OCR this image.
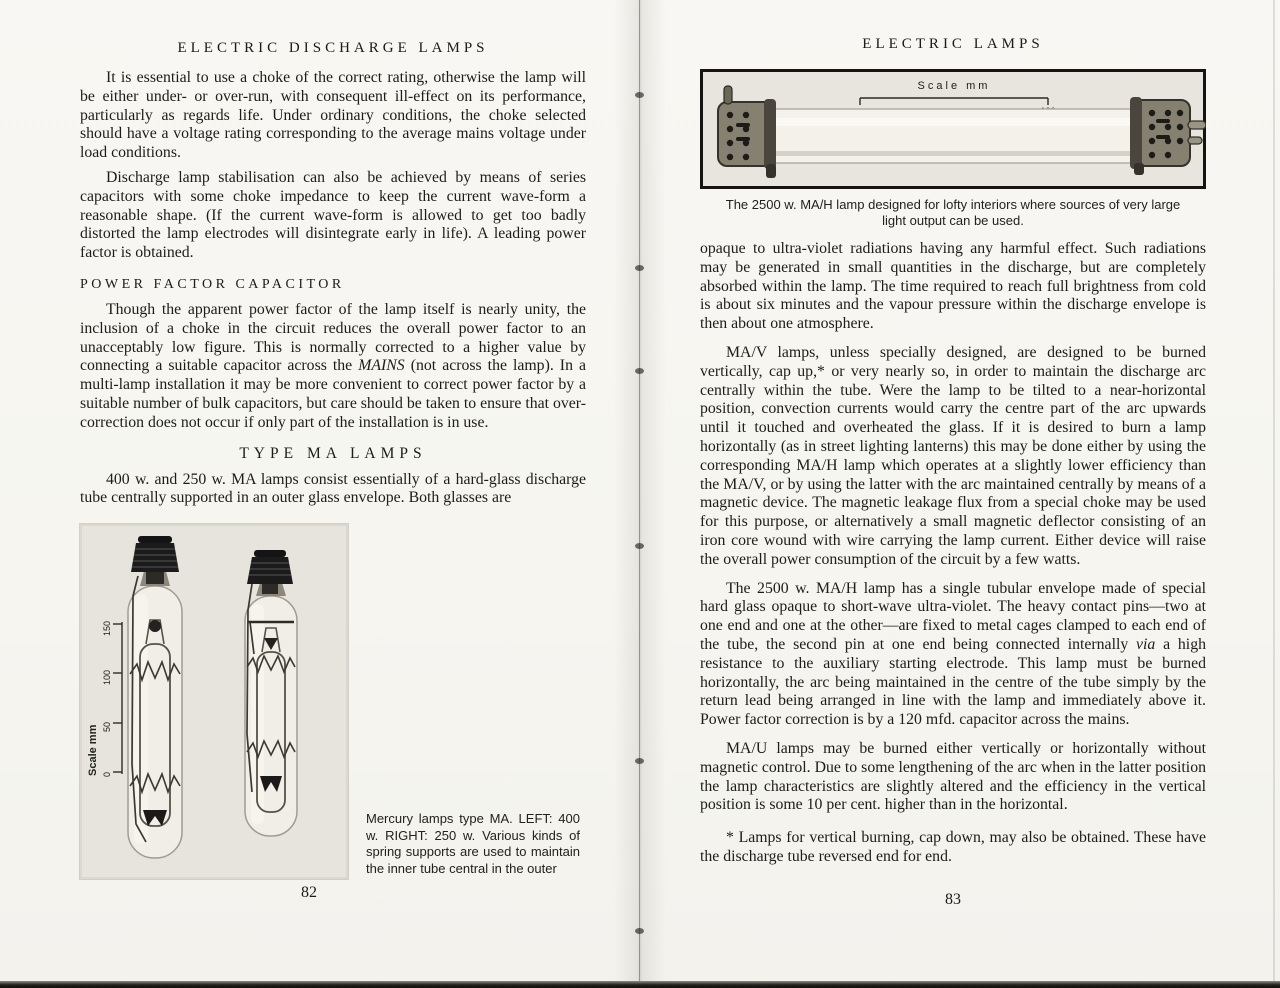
ELECTRIC DISCHARGE LAMPS

It is essential to use a choke of the correct rating, otherwise the lamp will be either under- or over-run, with consequent ill-effect on its performance, particularly as regards life. Under ordinary conditions, the choke selected should have a voltage rating corresponding to the average mains voltage under load conditions.

Discharge lamp stabilisation can also be achieved by means of series capacitors with some choke impedance to keep the current wave-form a reasonable shape. (If the current wave-form is allowed to get too badly distorted the lamp electrodes will disintegrate early in life). A leading power factor is obtained.

POWER FACTOR CAPACITOR

Though the apparent power factor of the lamp itself is nearly unity, the inclusion of a choke in the circuit reduces the overall power factor to an unacceptably low figure. This is normally corrected to a higher value by connecting a suitable capacitor across the MAINS (not across the lamp). In a multi-lamp installation it may be more convenient to correct power factor by a suitable number of bulk capacitors, but care should be taken to ensure that over-correction does not occur if only part of the installation is in use.

TYPE MA LAMPS

400 w. and 250 w. MA lamps consist essentially of a hard-glass discharge tube centrally supported in an outer glass envelope. Both glasses are

150
100
50
0
Scale mm
Mercury lamps type MA. LEFT: 400 w. RIGHT: 250 w. Various kinds of spring supports are used to maintain the inner tube central in the outer
ELECTRIC LAMPS
Scale mm
The 2500 w. MA/H lamp designed for lofty interiors where sources of very large light output can be used.

opaque to ultra-violet radiations having any harmful effect. Such radiations may be generated in small quantities in the discharge, but are completely absorbed within the lamp. The time required to reach full brightness from cold is about six minutes and the vapour pressure within the discharge envelope is then about one atmosphere.

MA/V lamps, unless specially designed, are designed to be burned vertically, cap up,* or very nearly so, in order to maintain the discharge arc centrally within the tube. Were the lamp to be tilted to a near-horizontal position, convection currents would carry the centre part of the arc upwards until it touched and overheated the glass. If it is desired to burn a lamp horizontally (as in street lighting lanterns) this may be done either by using the corresponding MA/H lamp which operates at a slightly lower efficiency than the MA/V, or by using the latter with the arc maintained centrally by means of a magnetic device. The magnetic leakage flux from a special choke may be used for this purpose, or alternatively a small magnetic deflector consisting of an iron core wound with wire carrying the lamp current. Either device will raise the overall power consumption of the circuit by a few watts.

The 2500 w. MA/H lamp has a single tubular envelope made of special hard glass opaque to short-wave ultra-violet. The heavy contact pins—two at one end and one at the other—are fixed to metal cages clamped to each end of the tube, the second pin at one end being connected internally via a high resistance to the auxiliary starting electrode. This lamp must be burned horizontally, the arc being maintained in the centre of the tube simply by the return lead being arranged in line with the lamp and immediately above it. Power factor correction is by a 120 mfd. capacitor across the mains.

MA/U lamps may be burned either vertically or horizontally without magnetic control. Due to some lengthening of the arc when in the latter position the lamp characteristics are slightly altered and the efficiency in the vertical position is some 10 per cent. higher than in the horizontal.

* Lamps for vertical burning, cap down, may also be obtained. These have the discharge tube reversed end for end.

82	83
